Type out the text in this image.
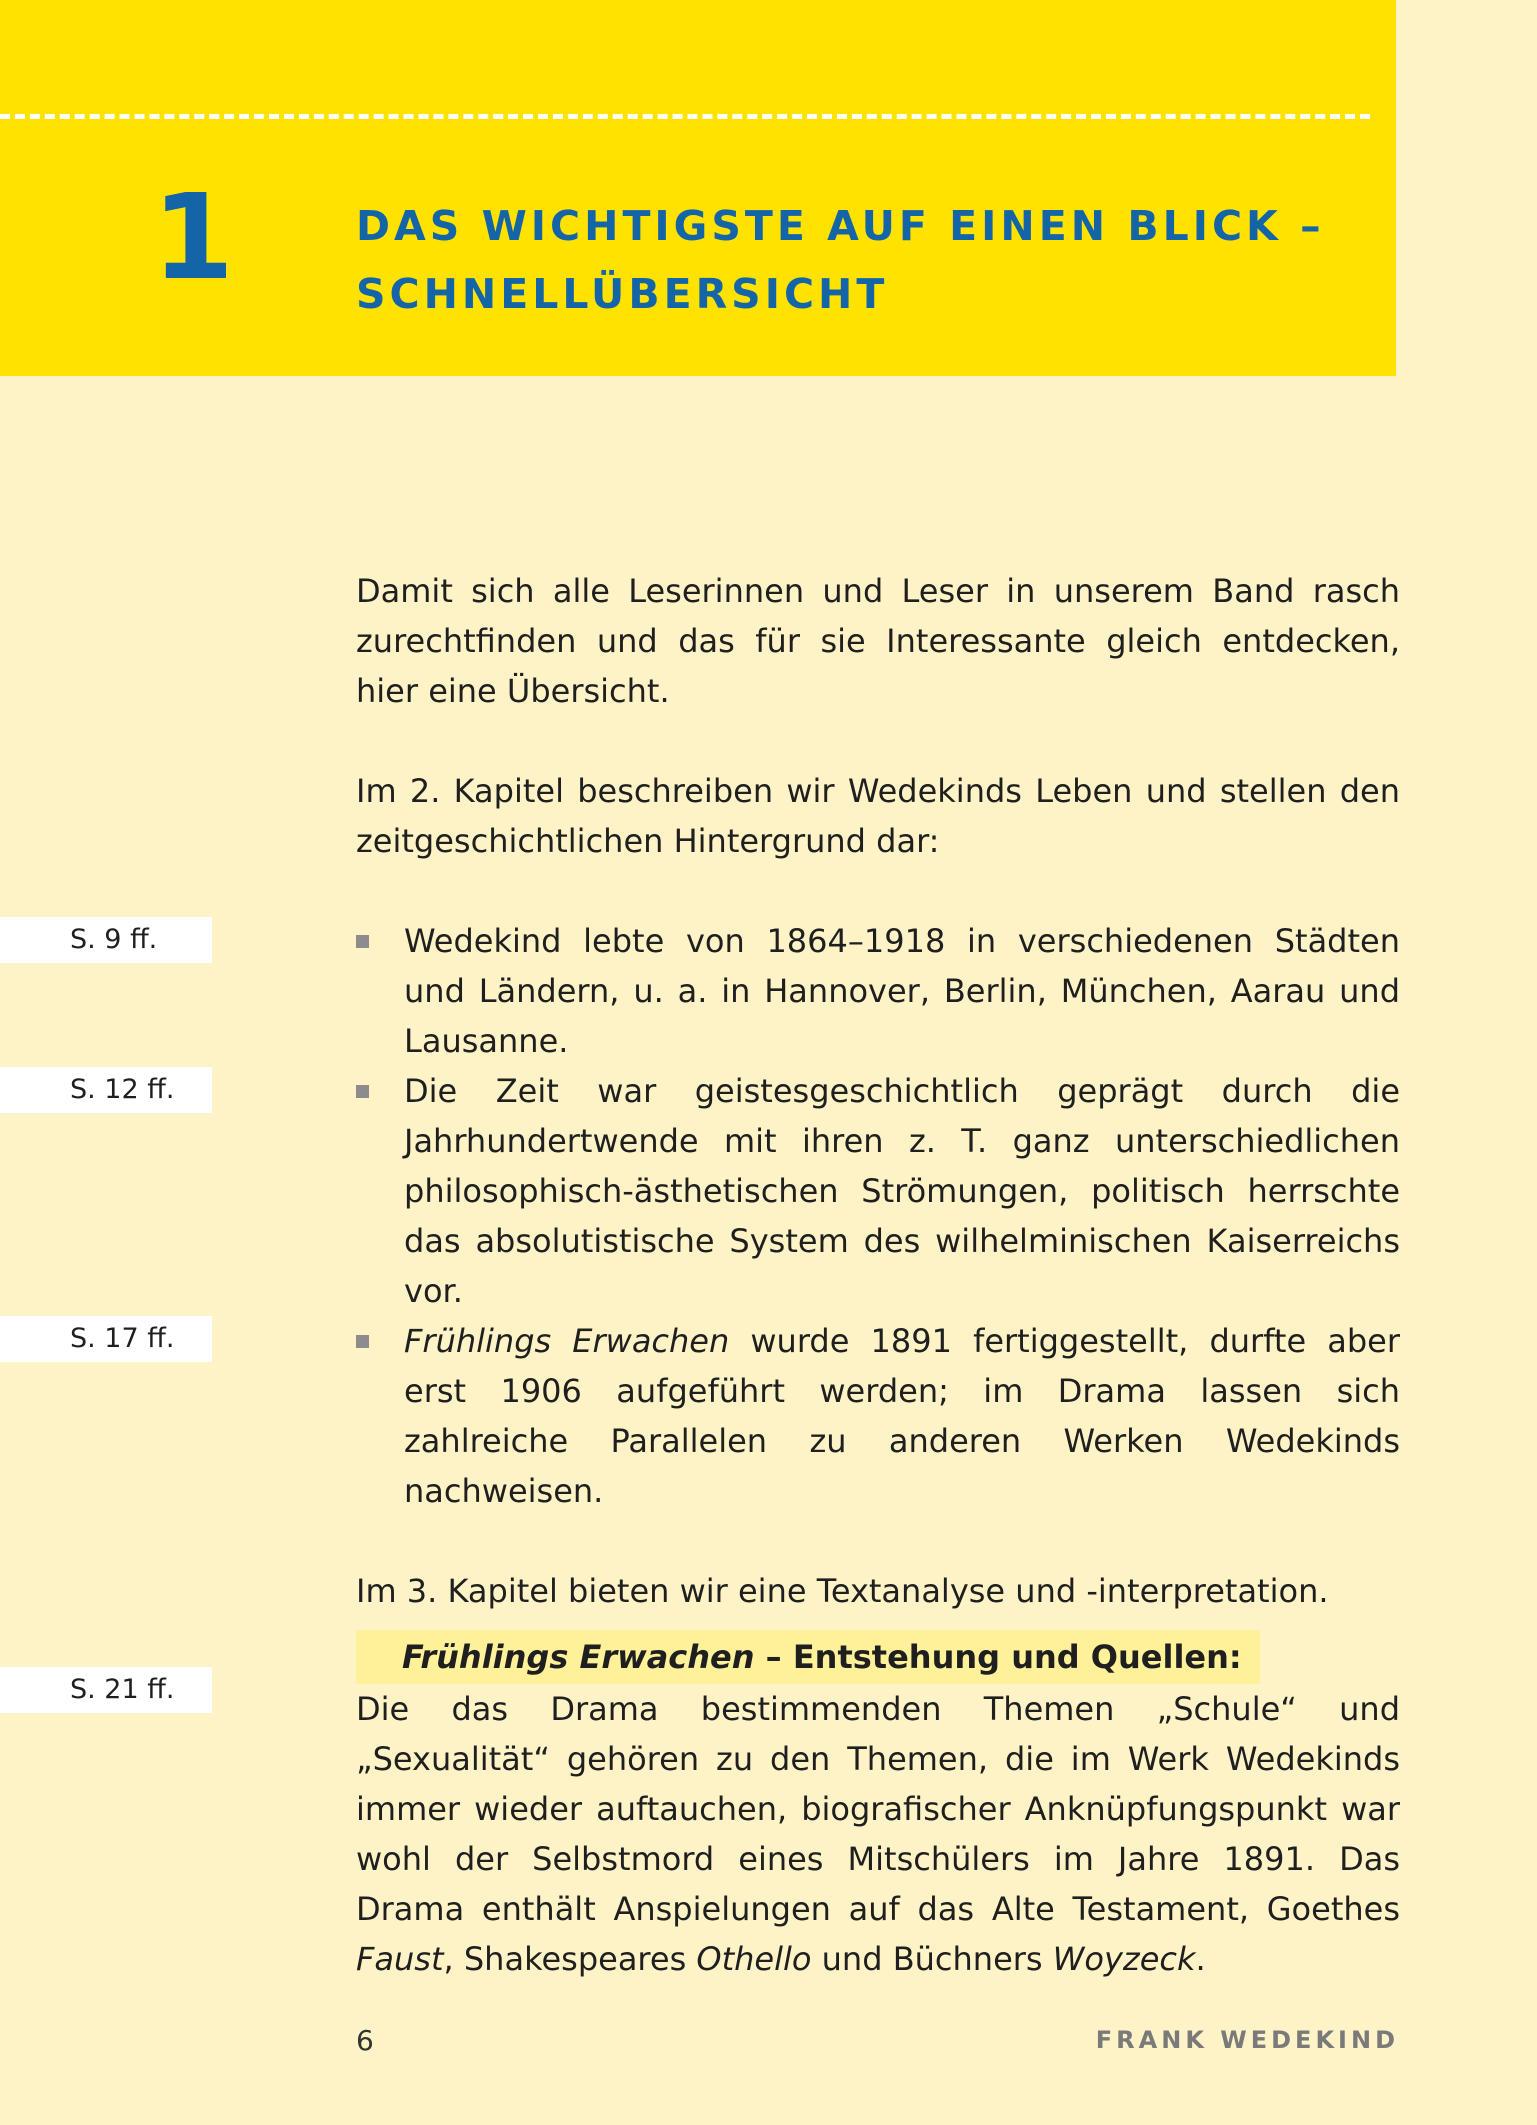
1	DAS WICHTIGSTE AUF EINEN BLICK –
SCHNELLÜBERSICHT
S. 9 ff.
S. 12 ff.
S. 17 ff.
S. 21 ff.

Damit sich alle Leserinnen und Leser in unserem Band rasch zurechtfinden und das für sie Interessante gleich entdecken, hier eine Übersicht.

Im 2. Kapitel beschreiben wir Wedekinds Leben und stellen den zeitgeschichtlichen Hintergrund dar:

Wedekind lebte von 1864–1918 in verschiedenen Städten und Ländern, u. a. in Hannover, Berlin, München, Aarau und Lausanne.
Die Zeit war geistesgeschichtlich geprägt durch die Jahrhundertwende mit ihren z. T. ganz unterschiedlichen philosophisch-ästhetischen Strömungen, politisch herrschte das absolutistische System des wilhelminischen Kaiserreichs vor.
Frühlings Erwachen wurde 1891 fertiggestellt, durfte aber erst 1906 aufgeführt werden; im Drama lassen sich zahlreiche Parallelen zu anderen Werken Wedekinds nachweisen.

Im 3. Kapitel bieten wir eine Textanalyse und -interpretation.

Frühlings Erwachen – Entstehung und Quellen:

Die das Drama bestimmenden Themen „Schule“ und „Sexualität“ gehören zu den Themen, die im Werk Wedekinds immer wieder auftauchen, biografischer Anknüpfungspunkt war wohl der Selbstmord eines Mitschülers im Jahre 1891. Das Drama enthält Anspielungen auf das Alte Testament, Goethes Faust, Shakespeares Othello und Büchners Woyzeck.

6	FRANK WEDEKIND
